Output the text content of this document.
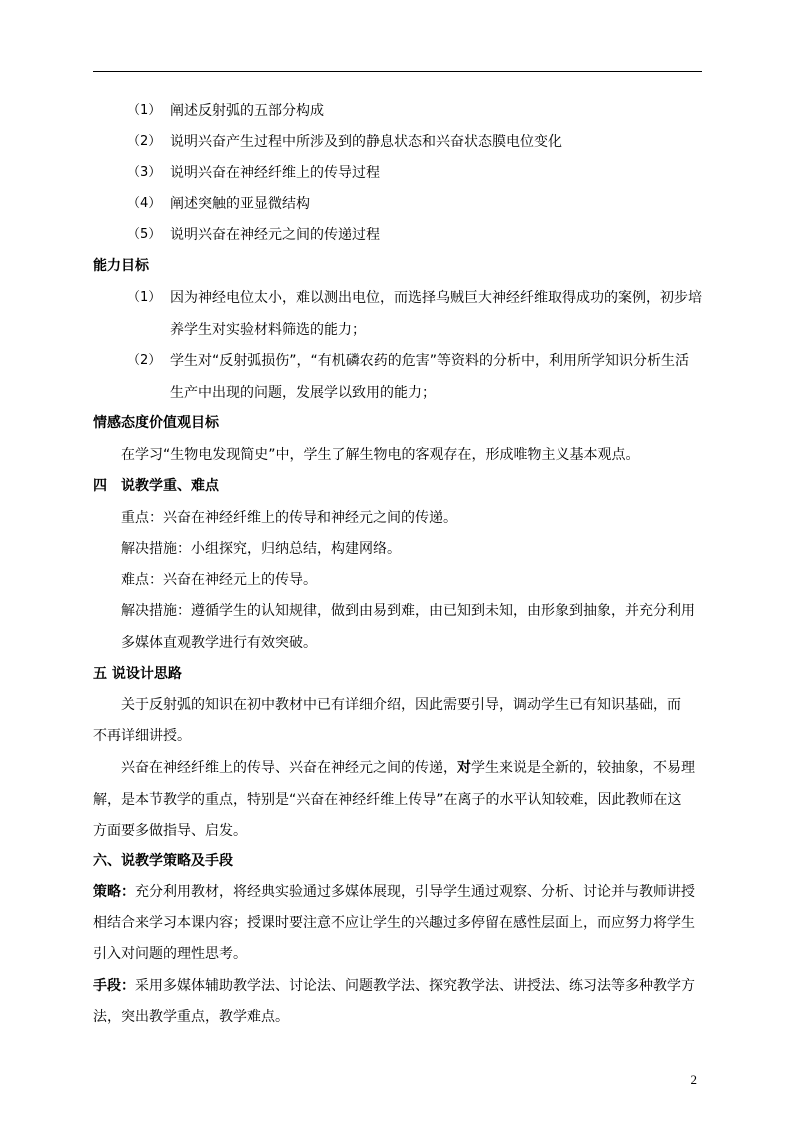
（1） 阐述反射弧的五部分构成
（2） 说明兴奋产生过程中所涉及到的静息状态和兴奋状态膜电位变化
（3） 说明兴奋在神经纤维上的传导过程
（4） 阐述突触的亚显微结构
（5） 说明兴奋在神经元之间的传递过程
能力目标
（1） 因为神经电位太小，难以测出电位，而选择乌贼巨大神经纤维取得成功的案例，初步培
养学生对实验材料筛选的能力；
（2） 学生对“反射弧损伤”，“有机磷农药的危害”等资料的分析中，利用所学知识分析生活
生产中出现的问题，发展学以致用的能力；
情感态度价值观目标
在学习“生物电发现简史”中，学生了解生物电的客观存在，形成唯物主义基本观点。
四　说教学重、难点
重点：兴奋在神经纤维上的传导和神经元之间的传递。
解决措施：小组探究，归纳总结，构建网络。
难点：兴奋在神经元上的传导。
解决措施：遵循学生的认知规律，做到由易到难，由已知到未知，由形象到抽象，并充分利用
多媒体直观教学进行有效突破。
五 说设计思路
关于反射弧的知识在初中教材中已有详细介绍，因此需要引导，调动学生已有知识基础，而
不再详细讲授。
兴奋在神经纤维上的传导、兴奋在神经元之间的传递，对学生来说是全新的，较抽象，不易理
解，是本节教学的重点，特别是“兴奋在神经纤维上传导”在离子的水平认知较难，因此教师在这
方面要多做指导、启发。
六、说教学策略及手段
策略：充分利用教材，将经典实验通过多媒体展现，引导学生通过观察、分析、讨论并与教师讲授
相结合来学习本课内容；授课时要注意不应让学生的兴趣过多停留在感性层面上，而应努力将学生
引入对问题的理性思考。
手段：采用多媒体辅助教学法、讨论法、问题教学法、探究教学法、讲授法、练习法等多种教学方
法，突出教学重点，教学难点。
2
